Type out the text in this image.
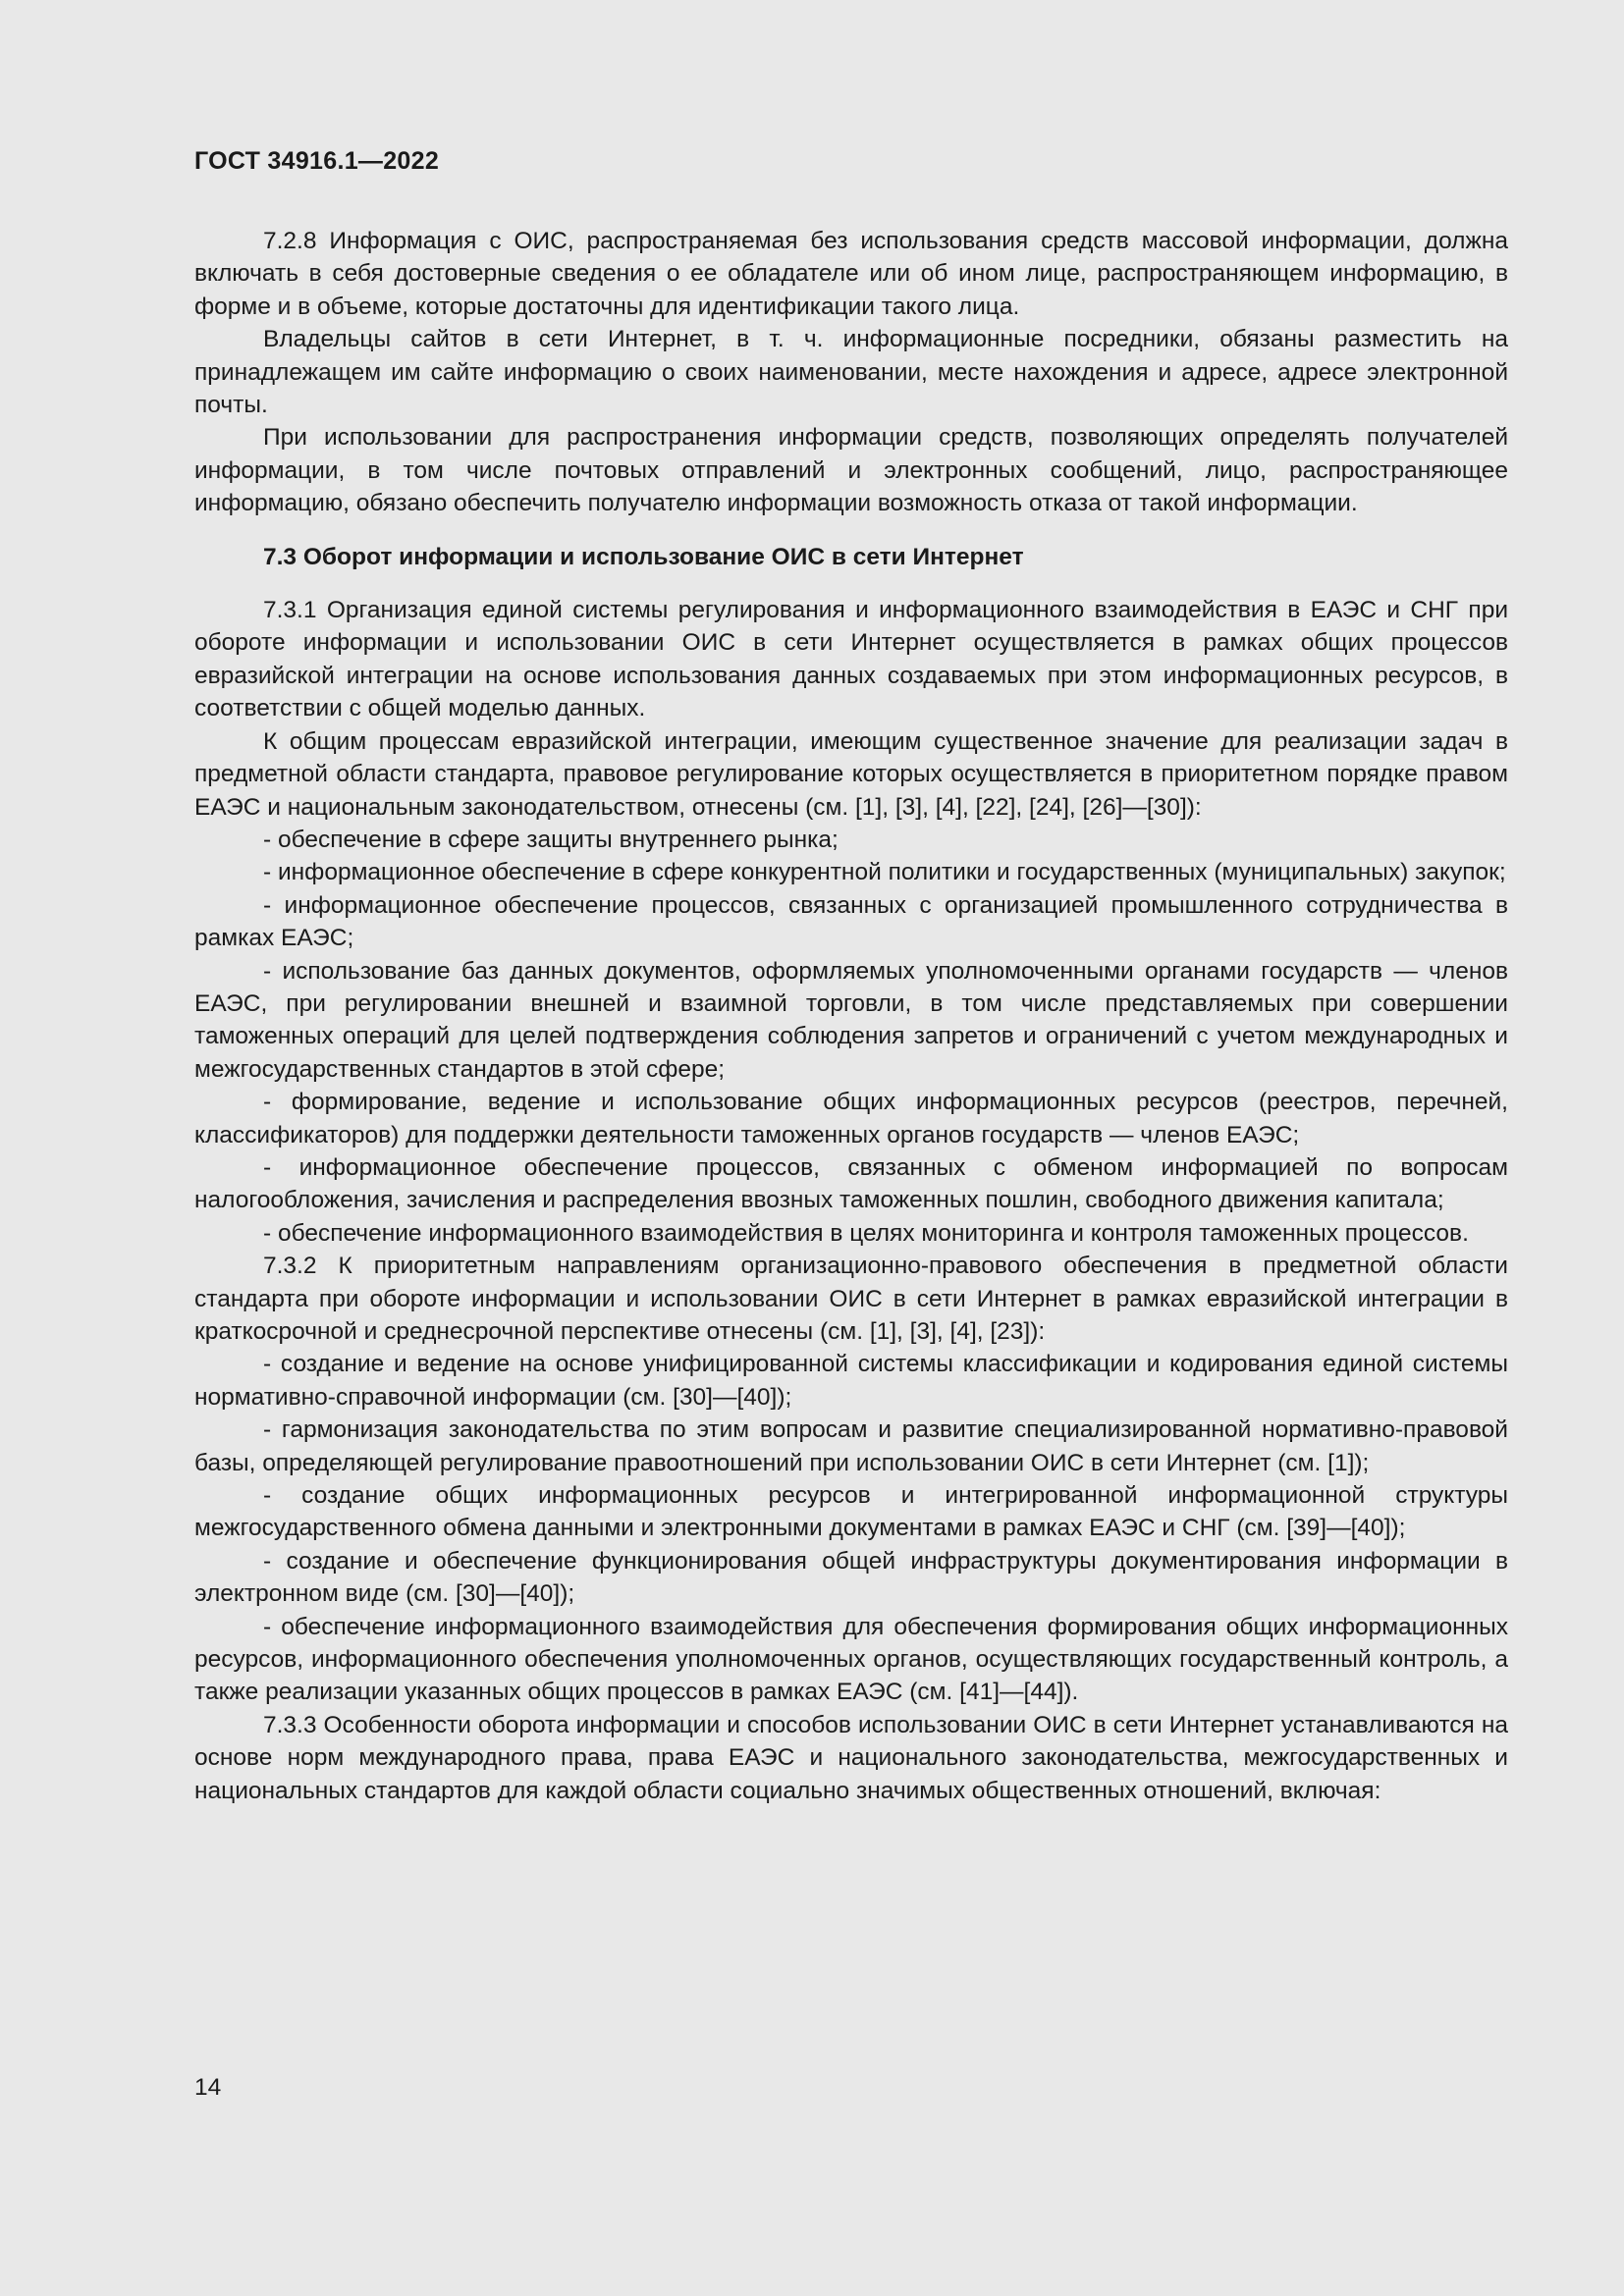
ГОСТ 34916.1—2022

7.2.8 Информация с ОИС, распространяемая без использования средств массовой информации, должна включать в себя достоверные сведения о ее обладателе или об ином лице, распространяющем информацию, в форме и в объеме, которые достаточны для идентификации такого лица.

Владельцы сайтов в сети Интернет, в т. ч. информационные посредники, обязаны разместить на принадлежащем им сайте информацию о своих наименовании, месте нахождения и адресе, адресе электронной почты.

При использовании для распространения информации средств, позволяющих определять получателей информации, в том числе почтовых отправлений и электронных сообщений, лицо, распространяющее информацию, обязано обеспечить получателю информации возможность отказа от такой информации.

7.3 Оборот информации и использование ОИС в сети Интернет

7.3.1 Организация единой системы регулирования и информационного взаимодействия в ЕАЭС и СНГ при обороте информации и использовании ОИС в сети Интернет осуществляется в рамках общих процессов евразийской интеграции на основе использования данных создаваемых при этом информационных ресурсов, в соответствии с общей моделью данных.

К общим процессам евразийской интеграции, имеющим существенное значение для реализации задач в предметной области стандарта, правовое регулирование которых осуществляется в приоритетном порядке правом ЕАЭС и национальным законодательством, отнесены (см. [1], [3], [4], [22], [24], [26]—[30]):

- обеспечение в сфере защиты внутреннего рынка;

- информационное обеспечение в сфере конкурентной политики и государственных (муниципальных) закупок;

- информационное обеспечение процессов, связанных с организацией промышленного сотрудничества в рамках ЕАЭС;

- использование баз данных документов, оформляемых уполномоченными органами государств — членов ЕАЭС, при регулировании внешней и взаимной торговли, в том числе представляемых при совершении таможенных операций для целей подтверждения соблюдения запретов и ограничений с учетом международных и межгосударственных стандартов в этой сфере;

- формирование, ведение и использование общих информационных ресурсов (реестров, перечней, классификаторов) для поддержки деятельности таможенных органов государств — членов ЕАЭС;

- информационное обеспечение процессов, связанных с обменом информацией по вопросам налогообложения, зачисления и распределения ввозных таможенных пошлин, свободного движения капитала;

- обеспечение информационного взаимодействия в целях мониторинга и контроля таможенных процессов.

7.3.2 К приоритетным направлениям организационно-правового обеспечения в предметной области стандарта при обороте информации и использовании ОИС в сети Интернет в рамках евразийской интеграции в краткосрочной и среднесрочной перспективе отнесены (см. [1], [3], [4], [23]):

- создание и ведение на основе унифицированной системы классификации и кодирования единой системы нормативно-справочной информации (см. [30]—[40]);

- гармонизация законодательства по этим вопросам и развитие специализированной нормативно-правовой базы, определяющей регулирование правоотношений при использовании ОИС в сети Интернет (см. [1]);

- создание общих информационных ресурсов и интегрированной информационной структуры межгосударственного обмена данными и электронными документами в рамках ЕАЭС и СНГ (см. [39]—[40]);

- создание и обеспечение функционирования общей инфраструктуры документирования информации в электронном виде (см. [30]—[40]);

- обеспечение информационного взаимодействия для обеспечения формирования общих информационных ресурсов, информационного обеспечения уполномоченных органов, осуществляющих государственный контроль, а также реализации указанных общих процессов в рамках ЕАЭС (см. [41]—[44]).

7.3.3 Особенности оборота информации и способов использовании ОИС в сети Интернет устанавливаются на основе норм международного права, права ЕАЭС и национального законодательства, межгосударственных и национальных стандартов для каждой области социально значимых общественных отношений, включая:

14
